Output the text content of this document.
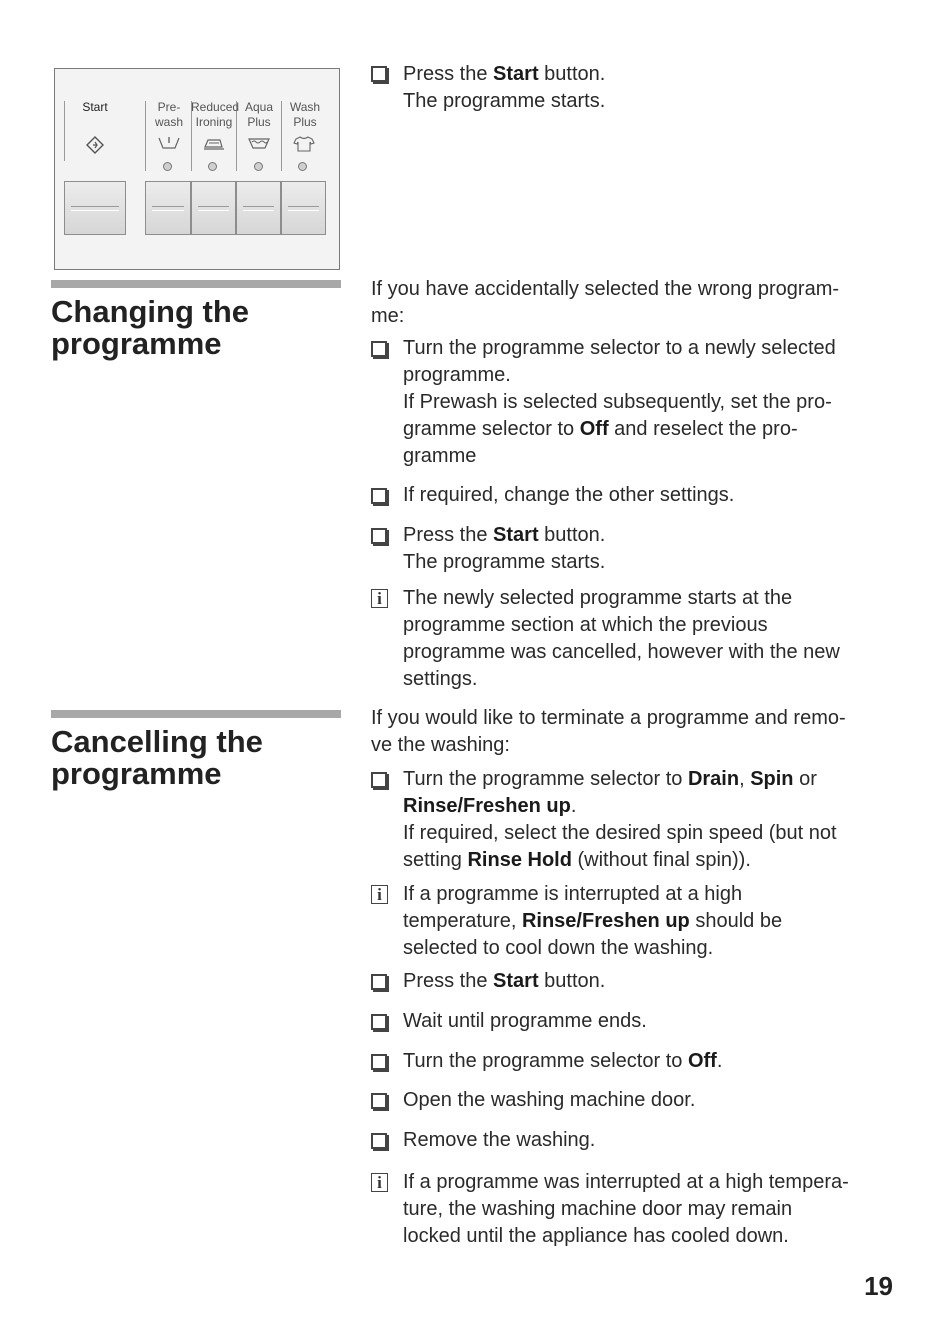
Start	Pre-
wash
Reduced
Ironing
Aqua
Plus
Wash
Plus
Press the Start button.
The programme starts.
Changing the
programme
If you have accidentally selected the wrong program-
me:
Turn the programme selector to a newly selected
programme.
If Prewash is selected subsequently, set the pro-
gramme selector to Off and reselect the pro-
gramme
If required, change the other settings.
Press the Start button.
The programme starts.
i	The newly selected programme starts at the
programme section at which the previous
programme was cancelled, however with the new
settings.
Cancelling the
programme
If you would like to terminate a programme and remo-
ve the washing:
Turn the programme selector to Drain, Spin or
Rinse/Freshen up.
If required, select the desired spin speed (but not
setting Rinse Hold (without final spin)).
i	If a programme is interrupted at a high
temperature, Rinse/Freshen up should be
selected to cool down the washing.
Press the Start button.
Wait until programme ends.
Turn the programme selector to Off.
Open the washing machine door.
Remove the washing.
i	If a programme was interrupted at a high tempera-
ture, the washing machine door may remain
locked until the appliance has cooled down.
19
